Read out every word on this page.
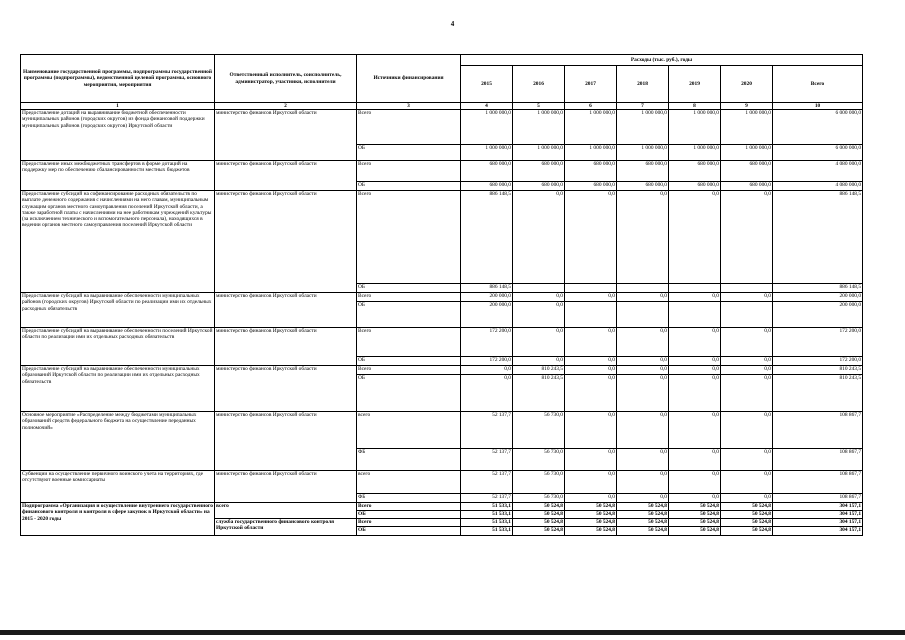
4
Наименование государственной программы, подпрограммы государственной программы (подпрограммы), ведомственной целевой программы, основного мероприятия, мероприятия	Ответственный исполнитель, соисполнитель, администратор, участники, исполнители	Источники финансирования	Расходы (тыс. руб.), годы						
			2015	2016	2017	2018	2019	2020	Всего
1	2	3	4	5	6	7	8	9	10
Предоставление дотаций на выравнивание бюджетной обеспеченности муниципальных районов (городских округов) из фонда финансовой поддержки муниципальных районов (городских округов) Иркутской области	министерство финансов Иркутской области	Всего	1 000 000,0	1 000 000,0	1 000 000,0	1 000 000,0	1 000 000,0	1 000 000,0	6 000 000,0
		ОБ	1 000 000,0	1 000 000,0	1 000 000,0	1 000 000,0	1 000 000,0	1 000 000,0	6 000 000,0
Предоставление иных межбюджетных трансфертов в форме дотаций на поддержку мер по обеспечению сбалансированности местных бюджетов	министерство финансов Иркутской области	Всего	680 000,0	680 000,0	680 000,0	680 000,0	680 000,0	680 000,0	4 080 000,0
		ОБ	680 000,0	680 000,0	680 000,0	680 000,0	680 000,0	680 000,0	4 080 000,0
Предоставление субсидий на софинансирование расходных обязательств по выплате денежного содержания с начислениями на него главам, муниципальным служащим органов местного самоуправления поселений Иркутской области, а также заработной платы с начислениями на нее работникам учреждений культуры (за исключением технического и вспомогательного персонала), находящихся в ведении органов местного самоуправления поселений Иркутской области	министерство финансов Иркутской области	Всего	886 148,5	0,0	0,0	0,0	0,0	0,0	886 148,5
		ОБ	886 148,5						886 148,5
Предоставление субсидий на выравнивание обеспеченности муниципальных районов (городских округов) Иркутской области по реализации ими их отдельных расходных обязательств	министерство финансов Иркутской области	Всего	200 000,0	0,0	0,0	0,0	0,0	0,0	200 000,0
		ОБ	200 000,0	0,0					200 000,0
Предоставление субсидий на выравнивание обеспеченности поселений Иркутской области по реализации ими их отдельных расходных обязательств	министерство финансов Иркутской области	Всего	172 200,0	0,0	0,0	0,0	0,0	0,0	172 200,0
		ОБ	172 200,0	0,0	0,0	0,0	0,0	0,0	172 200,0
Предоставление субсидий на выравнивание обеспеченности муниципальных образований Иркутской области по реализации ими их отдельных расходных обязательств	министерство финансов Иркутской области	Всего	0,0	810 243,5	0,0	0,0	0,0	0,0	810 243,5
		ОБ	0,0	810 243,5	0,0	0,0	0,0	0,0	810 243,5
Основное мероприятие «Распределение между бюджетами муниципальных образований средств федерального бюджета на осуществление переданных полномочий»	министерство финансов Иркутской области	всего	52 137,7	56 730,0	0,0	0,0	0,0	0,0	108 867,7
		ФБ	52 137,7	56 730,0	0,0	0,0	0,0	0,0	108 867,7
Субвенции на осуществление первичного воинского учета на территориях, где отсутствуют военные комиссариаты	министерство финансов Иркутской области	всего	52 137,7	56 730,0	0,0	0,0	0,0	0,0	108 867,7
		ФБ	52 137,7	56 730,0	0,0	0,0	0,0	0,0	108 867,7
Подпрограмма «Организация и осуществление внутреннего государственного финансового контроля и контроля в сфере закупок в Иркутской области» на 2015 - 2020 годы	всего	Всего	51 533,1	50 524,8	50 524,8	50 524,8	50 524,8	50 524,8	304 157,1
		ОБ	51 533,1	50 524,8	50 524,8	50 524,8	50 524,8	50 524,8	304 157,1
	служба государственного финансового контроля Иркутской области	Всего	51 533,1	50 524,8	50 524,8	50 524,8	50 524,8	50 524,8	304 157,1
		ОБ	51 533,1	50 524,8	50 524,8	50 524,8	50 524,8	50 524,8	304 157,1
